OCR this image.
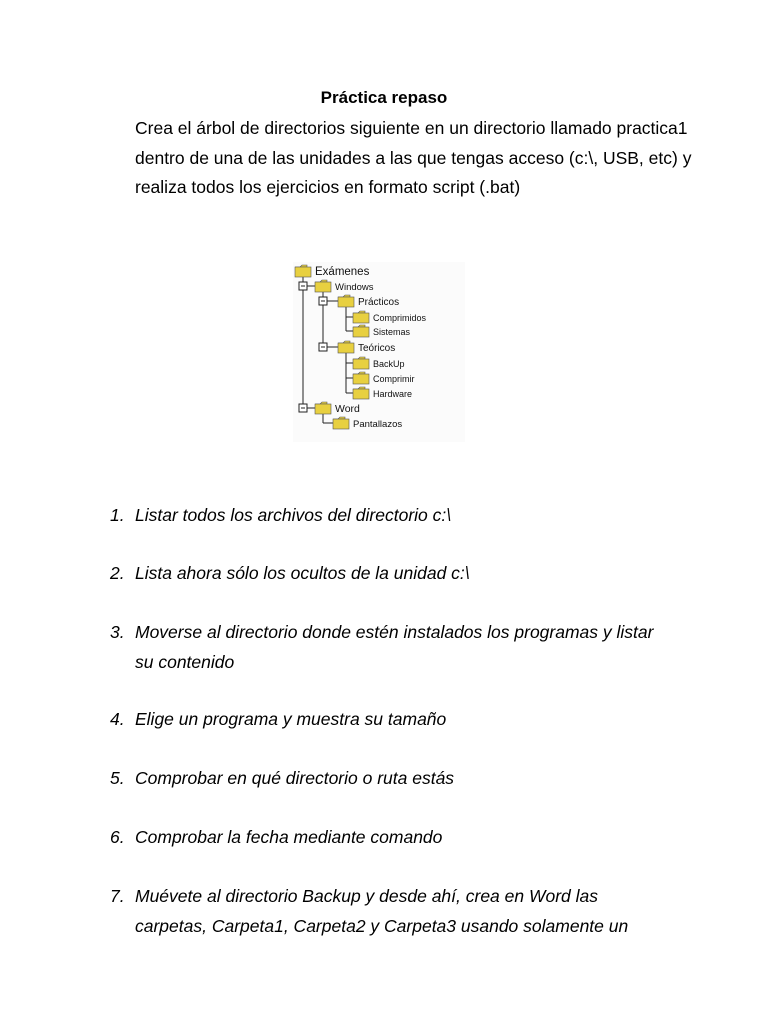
Práctica repaso

Crea el árbol de directorios siguiente en un directorio llamado practica1 dentro de una de las unidades a las que tengas acceso (c:\, USB, etc) y realiza todos los ejercicios en formato script (.bat)

Exámenes
Windows
Prácticos
Comprimidos
Sistemas
Teóricos
BackUp
Comprimir
Hardware
Word
Pantallazos
1. Listar todos los archivos del directorio c:\
2. Lista ahora sólo los ocultos de la unidad c:\
3. Moverse al directorio donde estén instalados los programas y listar su contenido
4. Elige un programa y muestra su tamaño
5. Comprobar en qué directorio o ruta estás
6. Comprobar la fecha mediante comando
7. Muévete al directorio Backup y desde ahí, crea en Word las carpetas, Carpeta1, Carpeta2 y Carpeta3 usando solamente un
